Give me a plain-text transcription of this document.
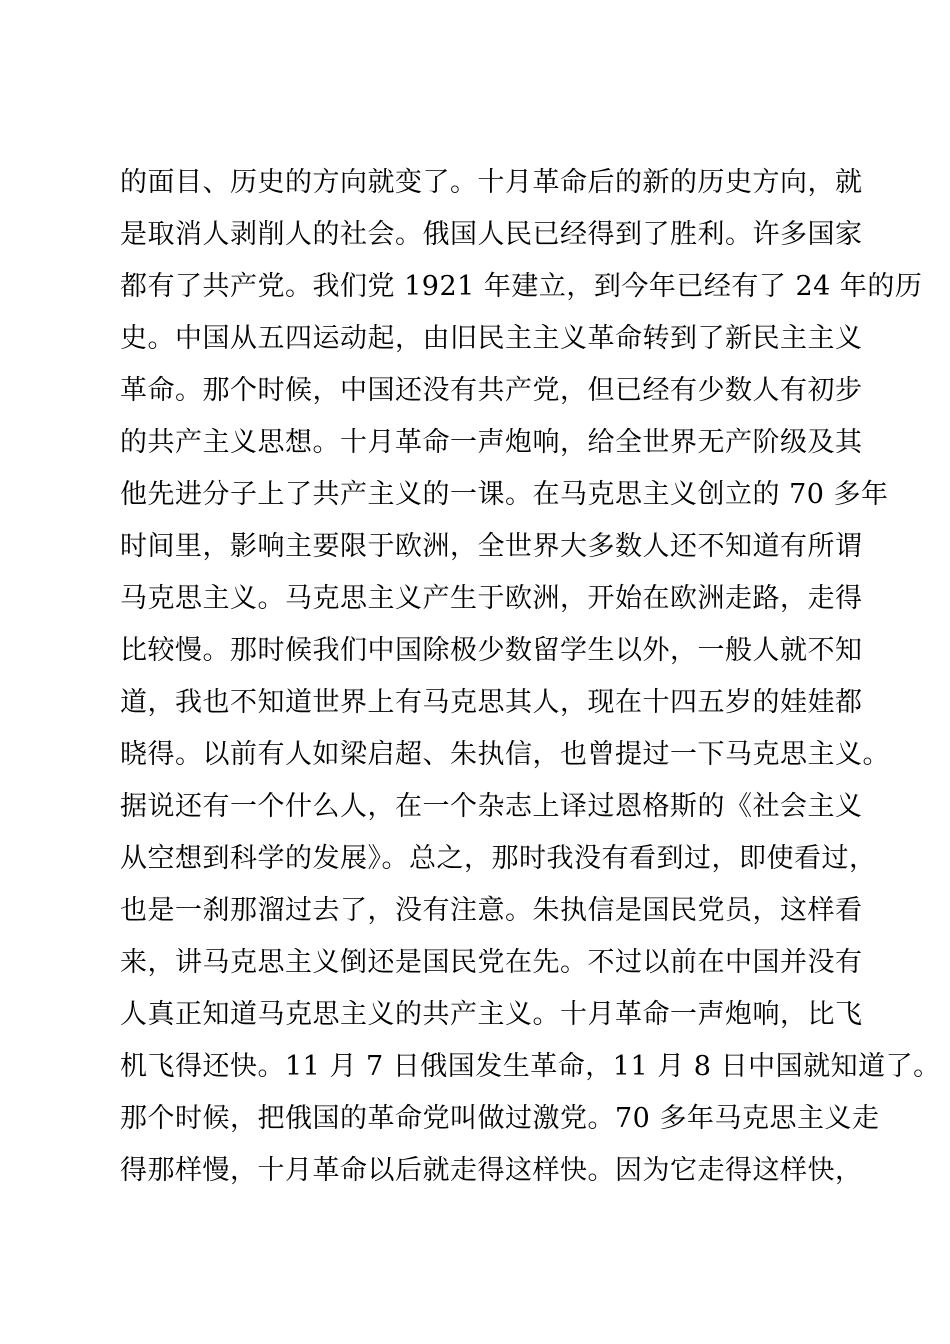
的面目、历史的方向就变了。十月革命后的新的历史方向，就
是取消人剥削人的社会。俄国人民已经得到了胜利。许多国家
都有了共产党。我们党 1921 年建立，到今年已经有了 24 年的历
史。中国从五四运动起，由旧民主主义革命转到了新民主主义
革命。那个时候，中国还没有共产党，但已经有少数人有初步
的共产主义思想。十月革命一声炮响，给全世界无产阶级及其
他先进分子上了共产主义的一课。在马克思主义创立的 70 多年
时间里，影响主要限于欧洲，全世界大多数人还不知道有所谓
马克思主义。马克思主义产生于欧洲，开始在欧洲走路，走得
比较慢。那时候我们中国除极少数留学生以外，一般人就不知
道，我也不知道世界上有马克思其人，现在十四五岁的娃娃都
晓得。以前有人如梁启超、朱执信，也曾提过一下马克思主义。
据说还有一个什么人，在一个杂志上译过恩格斯的《社会主义
从空想到科学的发展》。总之，那时我没有看到过，即使看过，
也是一刹那溜过去了，没有注意。朱执信是国民党员，这样看
来，讲马克思主义倒还是国民党在先。不过以前在中国并没有
人真正知道马克思主义的共产主义。十月革命一声炮响，比飞
机飞得还快。11 月 7 日俄国发生革命，11 月 8 日中国就知道了。
那个时候，把俄国的革命党叫做过激党。70 多年马克思主义走
得那样慢，十月革命以后就走得这样快。因为它走得这样快，
